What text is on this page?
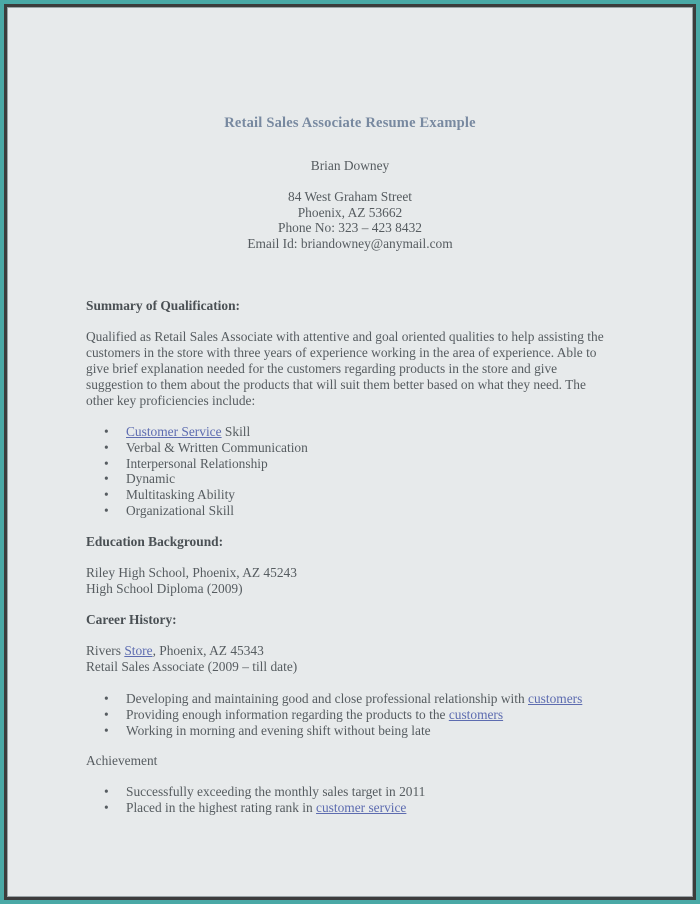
Retail Sales Associate Resume Example
Brian Downey
84 West Graham Street
Phoenix, AZ 53662
Phone No: 323 – 423 8432
Email Id: briandowney@anymail.com
Summary of Qualification:
Qualified as Retail Sales Associate with attentive and goal oriented qualities to help assisting the
customers in the store with three years of experience working in the area of experience. Able to
give brief explanation needed for the customers regarding products in the store and give
suggestion to them about the products that will suit them better based on what they need. The
other key proficiencies include:
• Customer Service Skill
• Verbal & Written Communication
• Interpersonal Relationship
• Dynamic
• Multitasking Ability
• Organizational Skill
Education Background:
Riley High School, Phoenix, AZ 45243
High School Diploma (2009)
Career History:
Rivers Store, Phoenix, AZ 45343
Retail Sales Associate (2009 – till date)
• Developing and maintaining good and close professional relationship with customers
• Providing enough information regarding the products to the customers
• Working in morning and evening shift without being late
Achievement
• Successfully exceeding the monthly sales target in 2011
• Placed in the highest rating rank in customer service
